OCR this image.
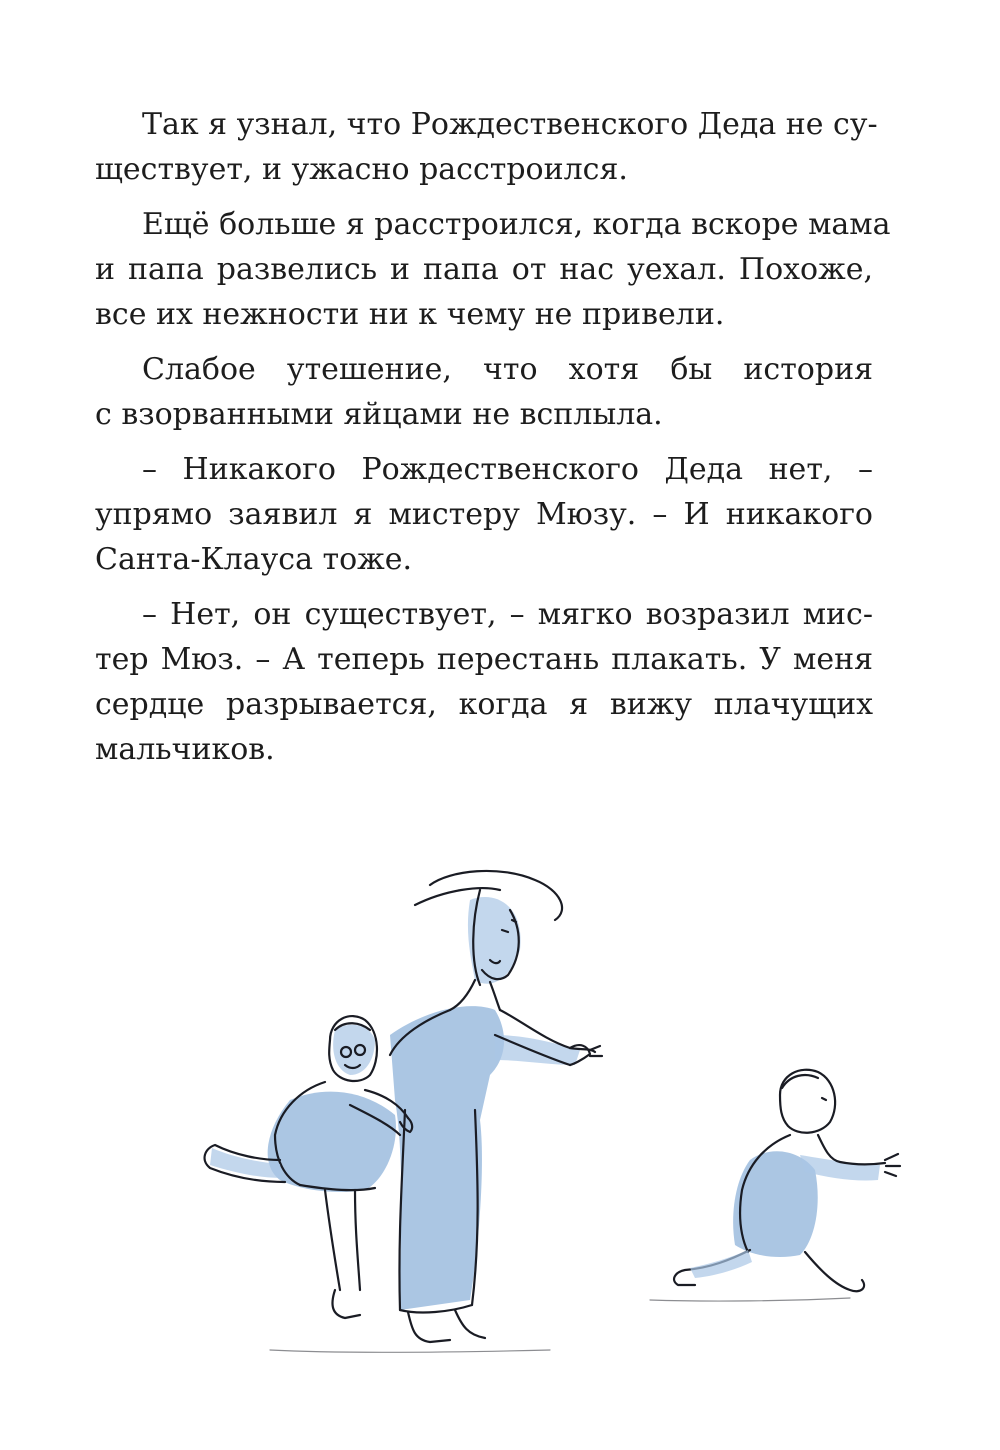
Так я узнал, что Рождественского Деда не су-
ществует, и ужасно расстроился.

Ещё больше я расстроился, когда вскоре мама
и папа развелись и папа от нас уехал. Похоже,
все их нежности ни к чему не привели.

Слабое утешение, что хотя бы история
с взорванными яйцами не всплыла.

– Никакого Рождественского Деда нет, –
упрямо заявил я мистеру Мюзу. – И никакого
Санта-Клауса тоже.

– Нет, он существует, – мягко возразил мис-
тер Мюз. – А теперь перестань плакать. У меня
сердце разрывается, когда я вижу плачущих
мальчиков.
